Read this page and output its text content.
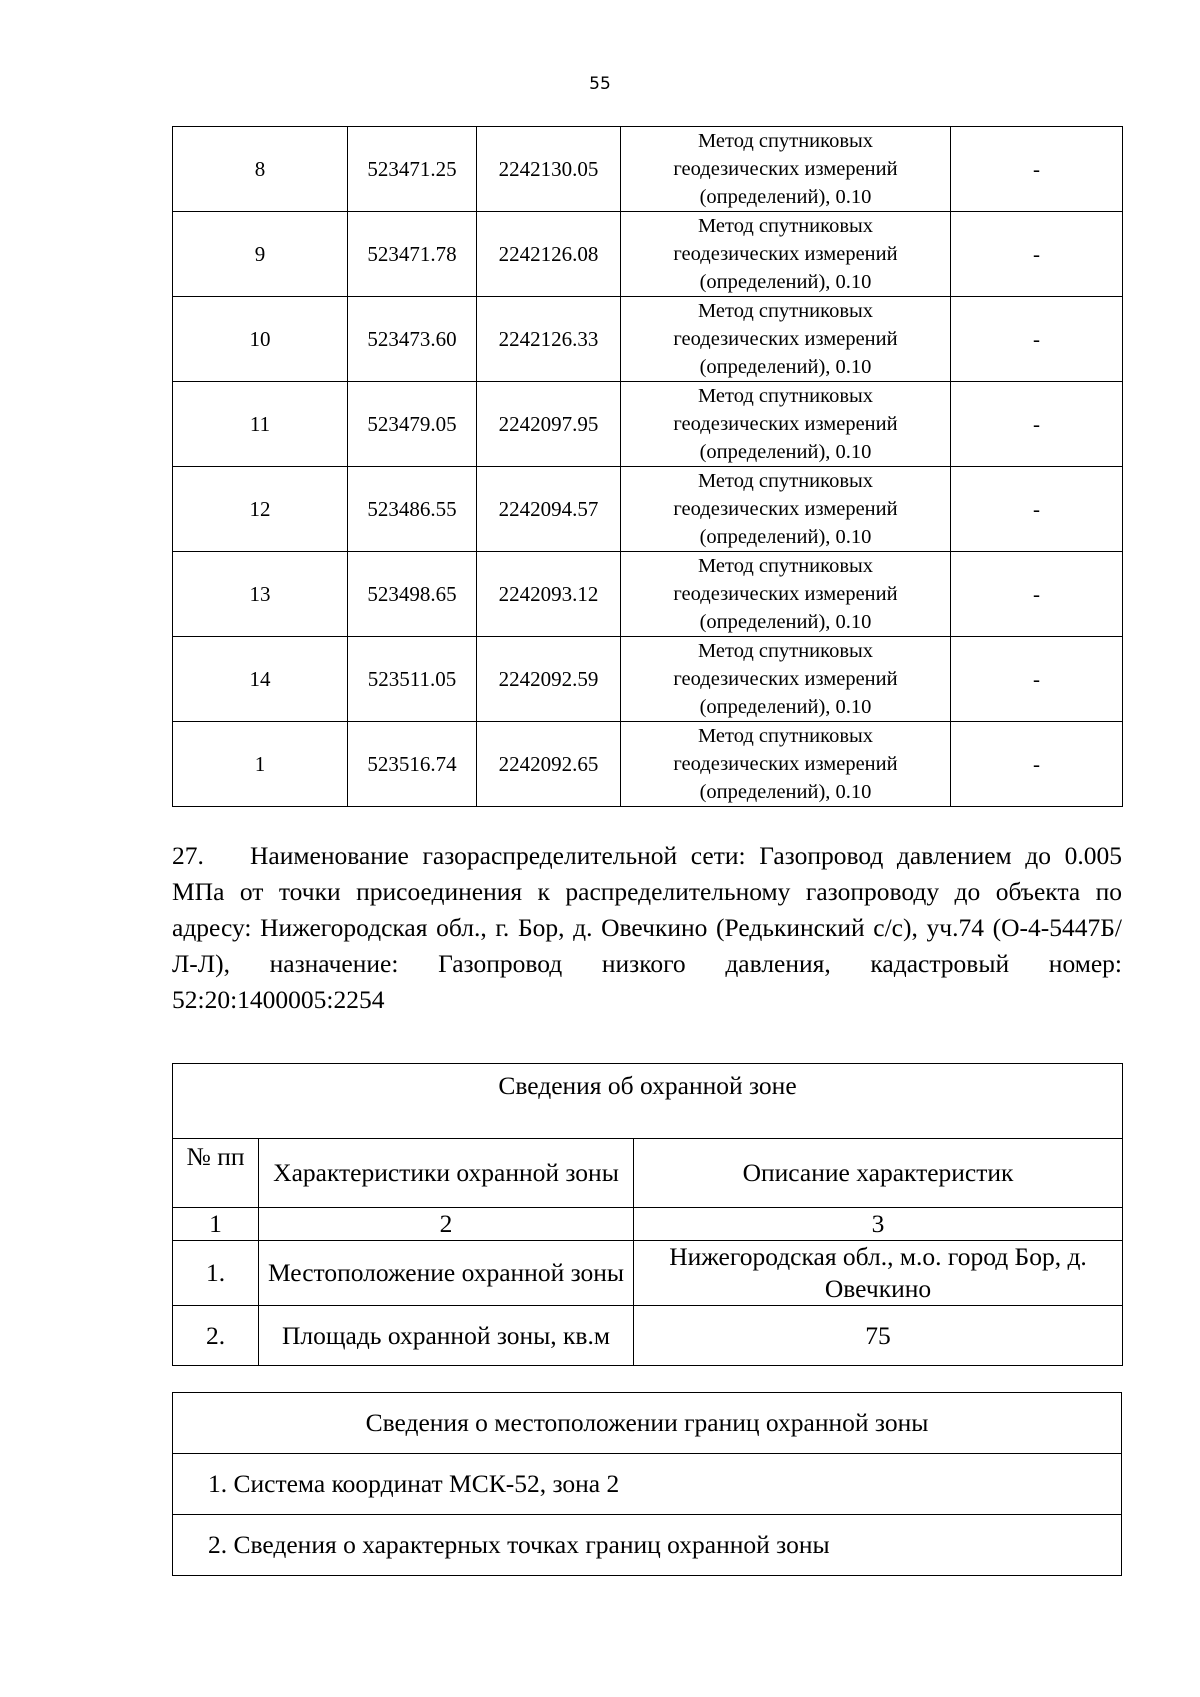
55
8	523471.25	2242130.05	Метод спутниковых
геодезических измерений
(определений), 0.10	-
9	523471.78	2242126.08	Метод спутниковых
геодезических измерений
(определений), 0.10	-
10	523473.60	2242126.33	Метод спутниковых
геодезических измерений
(определений), 0.10	-
11	523479.05	2242097.95	Метод спутниковых
геодезических измерений
(определений), 0.10	-
12	523486.55	2242094.57	Метод спутниковых
геодезических измерений
(определений), 0.10	-
13	523498.65	2242093.12	Метод спутниковых
геодезических измерений
(определений), 0.10	-
14	523511.05	2242092.59	Метод спутниковых
геодезических измерений
(определений), 0.10	-
1	523516.74	2242092.65	Метод спутниковых
геодезических измерений
(определений), 0.10	-

27. Наименование газораспределительной сети: Газопровод давлением до 0.005 МПа от точки присоединения к распределительному газопроводу до объекта по адресу: Нижегородская обл., г. Бор, д. Овечкино (Редькинский с/с), уч.74 (О-4-5447Б/Л-Л), назначение: Газопровод низкого давления, кадастровый номер: 52:20:1400005:2254

Сведения об охранной зоне		
№ пп	Характеристики охранной зоны	Описание характеристик
1	2	3
1.	Местоположение охранной зоны	Нижегородская обл., м.о. город Бор, д. Овечкино
2.	Площадь охранной зоны, кв.м	75
Сведения о местоположении границ охранной зоны
1. Система координат МСК-52, зона 2
2. Сведения о характерных точках границ охранной зоны
